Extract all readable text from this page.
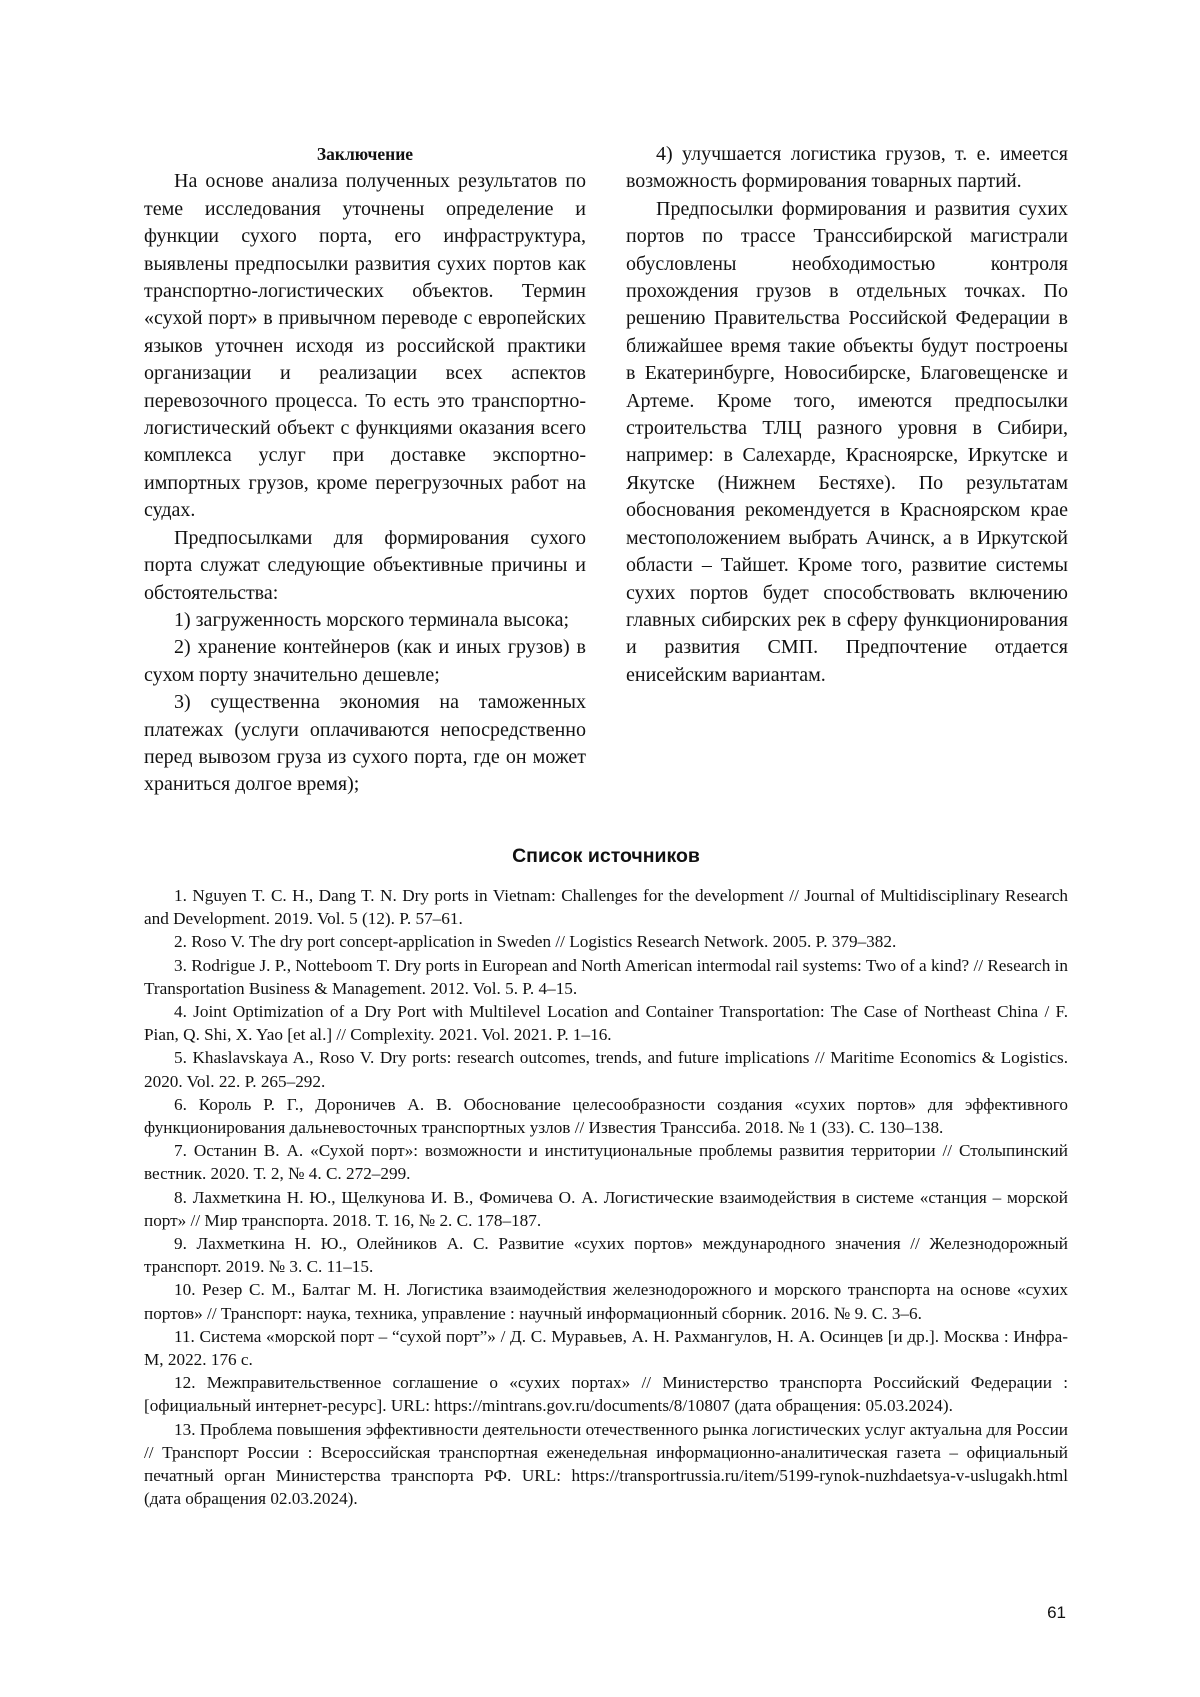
Заключение

На основе анализа полученных результатов по теме исследования уточнены определение и функции сухого порта, его инфраструктура, выявлены предпосылки развития сухих портов как транспортно-логистических объектов. Термин «сухой порт» в привычном переводе с европейских языков уточнен исходя из российской практики организации и реализации всех аспектов перевозочного процесса. То есть это транспортно-логистический объект с функциями оказания всего комплекса услуг при доставке экспортно-импортных грузов, кроме перегрузочных работ на судах.

Предпосылками для формирования сухого порта служат следующие объективные причины и обстоятельства:

1) загруженность морского терминала высока;

2) хранение контейнеров (как и иных грузов) в сухом порту значительно дешевле;

3) существенна экономия на таможенных платежах (услуги оплачиваются непосредственно перед вывозом груза из сухого порта, где он может храниться долгое время);

4) улучшается логистика грузов, т. е. имеется возможность формирования товарных партий.

Предпосылки формирования и развития сухих портов по трассе Транссибирской магистрали обусловлены необходимостью контроля прохождения грузов в отдельных точках. По решению Правительства Российской Федерации в ближайшее время такие объекты будут построены в Екатеринбурге, Новосибирске, Благовещенске и Артеме. Кроме того, имеются предпосылки строительства ТЛЦ разного уровня в Сибири, например: в Салехарде, Красноярске, Иркутске и Якутске (Нижнем Бестяхе). По результатам обоснования рекомендуется в Красноярском крае местоположением выбрать Ачинск, а в Иркутской области – Тайшет. Кроме того, развитие системы сухих портов будет способствовать включению главных сибирских рек в сферу функционирования и развития СМП. Предпочтение отдается енисейским вариантам.

Список источников

1. Nguyen T. C. H., Dang T. N. Dry ports in Vietnam: Challenges for the development // Journal of Multidisciplinary Research and Development. 2019. Vol. 5 (12). P. 57–61.

2. Roso V. The dry port concept-application in Sweden // Logistics Research Network. 2005. P. 379–382.

3. Rodrigue J. P., Notteboom T. Dry ports in European and North American intermodal rail systems: Two of a kind? // Research in Transportation Business & Management. 2012. Vol. 5. P. 4–15.

4. Joint Optimization of a Dry Port with Multilevel Location and Container Transportation: The Case of Northeast China / F. Pian, Q. Shi, X. Yao [et al.] // Complexity. 2021. Vol. 2021. P. 1–16.

5. Khaslavskaya A., Roso V. Dry ports: research outcomes, trends, and future implications // Maritime Economics & Logistics. 2020. Vol. 22. P. 265–292.

6. Король Р. Г., Дороничев А. В. Обоснование целесообразности создания «сухих портов» для эффективного функционирования дальневосточных транспортных узлов // Известия Транссиба. 2018. № 1 (33). С. 130–138.

7. Останин В. А. «Сухой порт»: возможности и институциональные проблемы развития территории // Столыпинский вестник. 2020. Т. 2, № 4. С. 272–299.

8. Лахметкина Н. Ю., Щелкунова И. В., Фомичева О. А. Логистические взаимодействия в системе «станция – морской порт» // Мир транспорта. 2018. Т. 16, № 2. С. 178–187.

9. Лахметкина Н. Ю., Олейников А. С. Развитие «сухих портов» международного значения // Железнодорожный транспорт. 2019. № 3. С. 11–15.

10. Резер С. М., Балтаг М. Н. Логистика взаимодействия железнодорожного и морского транспорта на основе «сухих портов» // Транспорт: наука, техника, управление : научный информационный сборник. 2016. № 9. С. 3–6.

11. Система «морской порт – “сухой порт”» / Д. С. Муравьев, А. Н. Рахмангулов, Н. А. Осинцев [и др.]. Москва : Инфра-М, 2022. 176 с.

12. Межправительственное соглашение о «сухих портах» // Министерство транспорта Российский Федерации : [официальный интернет-ресурс]. URL: https://mintrans.gov.ru/documents/8/10807 (дата обращения: 05.03.2024).

13. Проблема повышения эффективности деятельности отечественного рынка логистических услуг актуальна для России // Транспорт России : Всероссийская транспортная еженедельная информационно-аналитическая газета – официальный печатный орган Министерства транспорта РФ. URL: https://transportrussia.ru/item/5199-rynok-nuzhdaetsya-v-uslugakh.html (дата обращения 02.03.2024).

61
